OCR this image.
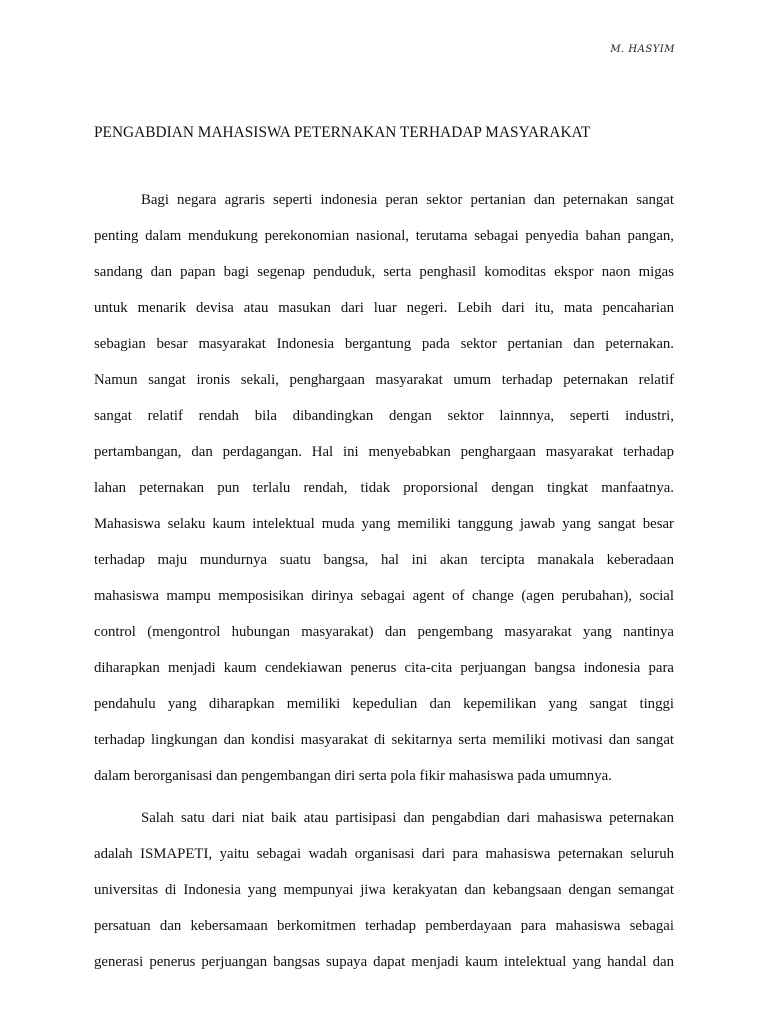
M. HASYIM
PENGABDIAN MAHASISWA PETERNAKAN TERHADAP MASYARAKAT
Bagi negara agraris seperti indonesia peran sektor pertanian dan peternakan sangat
penting dalam mendukung perekonomian nasional, terutama sebagai penyedia bahan pangan,
sandang dan papan bagi segenap penduduk, serta penghasil komoditas ekspor naon migas
untuk menarik devisa atau masukan dari luar negeri. Lebih dari itu, mata pencaharian
sebagian besar masyarakat Indonesia bergantung pada sektor pertanian dan peternakan.
Namun sangat ironis sekali, penghargaan masyarakat umum terhadap peternakan relatif
sangat relatif rendah bila dibandingkan dengan sektor lainnnya, seperti industri,
pertambangan, dan perdagangan. Hal ini menyebabkan penghargaan masyarakat terhadap
lahan peternakan pun terlalu rendah, tidak proporsional dengan tingkat manfaatnya.
Mahasiswa selaku kaum intelektual muda yang memiliki tanggung jawab yang sangat besar
terhadap maju mundurnya suatu bangsa, hal ini akan tercipta manakala keberadaan
mahasiswa mampu memposisikan dirinya sebagai agent of change (agen perubahan), social
control (mengontrol hubungan masyarakat) dan pengembang masyarakat yang nantinya
diharapkan menjadi kaum cendekiawan penerus cita-cita perjuangan bangsa indonesia para
pendahulu yang diharapkan memiliki kepedulian dan kepemilikan yang sangat tinggi
terhadap lingkungan dan kondisi masyarakat di sekitarnya serta memiliki motivasi dan sangat
dalam berorganisasi dan pengembangan diri serta pola fikir mahasiswa pada umumnya.
Salah satu dari niat baik atau partisipasi dan pengabdian dari mahasiswa peternakan
adalah ISMAPETI, yaitu sebagai wadah organisasi dari para mahasiswa peternakan seluruh
universitas di Indonesia yang mempunyai jiwa kerakyatan dan kebangsaan dengan semangat
persatuan dan kebersamaan berkomitmen terhadap pemberdayaan para mahasiswa sebagai
generasi penerus perjuangan bangsas supaya dapat menjadi kaum intelektual yang handal dan
